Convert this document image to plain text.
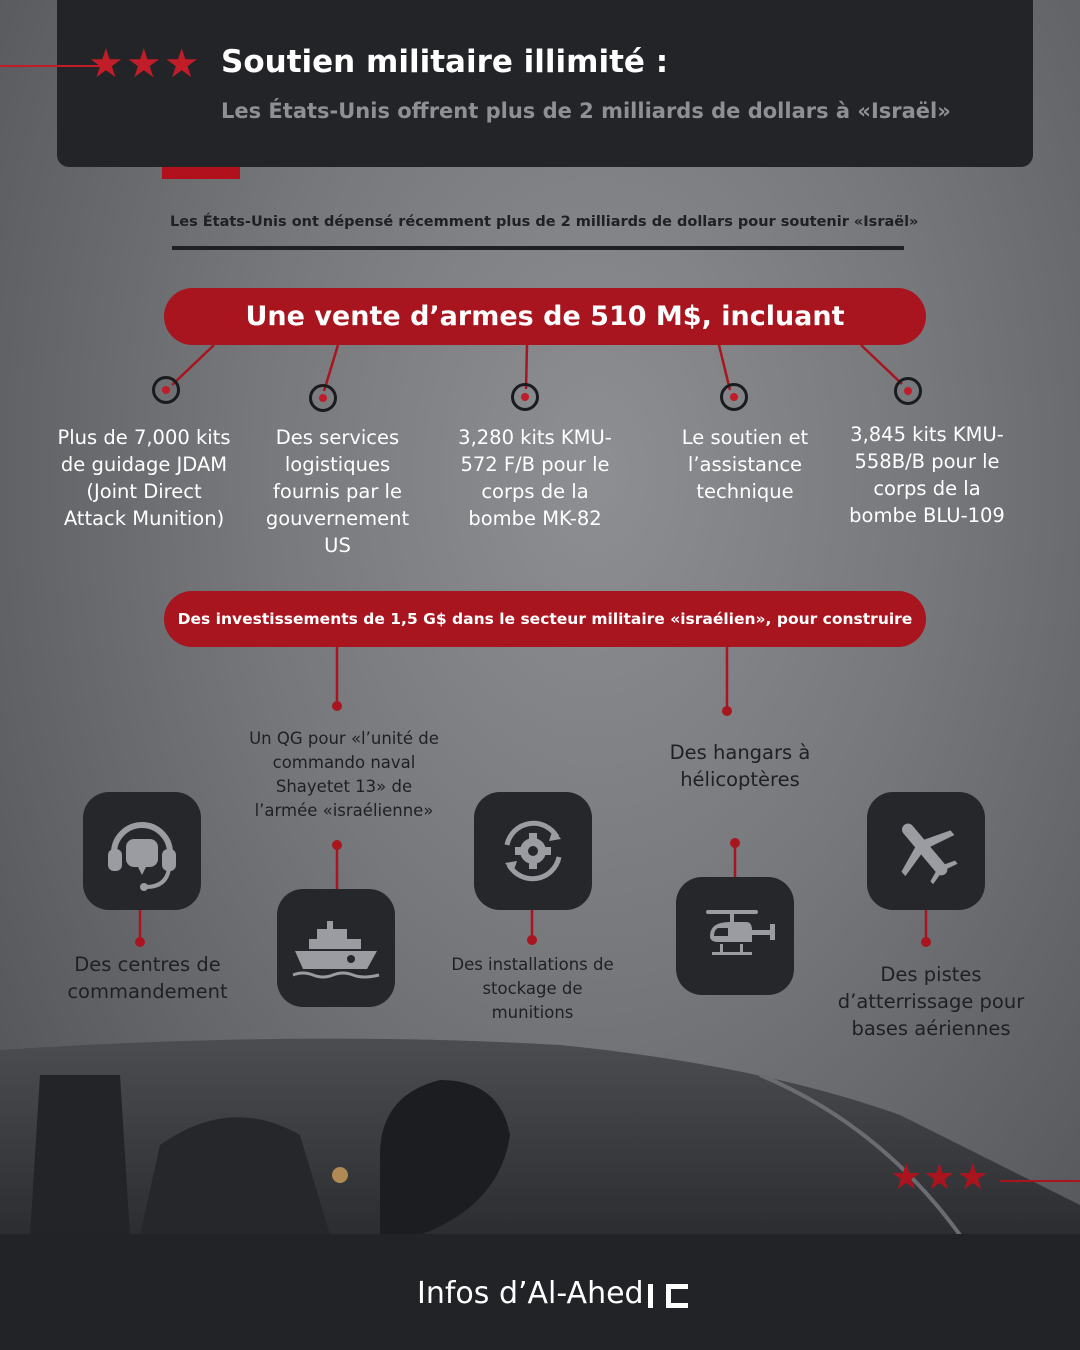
★★★ Soutien militaire illimité :
Les États-Unis offrent plus de 2 milliards de dollars à «Israël»
Les États-Unis ont dépensé récemment plus de 2 milliards de dollars pour soutenir «Israël»
Une vente d’armes de 510 M$, incluant
Plus de 7,000 kits de guidage JDAM (Joint Direct Attack Munition)
Des services logistiques fournis par le gouvernement US
3,280 kits KMU-572 F/B pour le corps de la bombe MK-82
Le soutien et l’assistance technique
3,845 kits KMU-558B/B pour le corps de la bombe BLU-109
Des investissements de 1,5 G$ dans le secteur militaire «israélien», pour construire
Des centres de commandement
Un QG pour «l’unité de commando naval Shayetet 13» de l’armée «israélienne»
Des installations de stockage de munitions
Des hangars à hélicoptères
Des pistes d’atterrissage pour bases aériennes
★★★
Infos d’Al-Ahed
